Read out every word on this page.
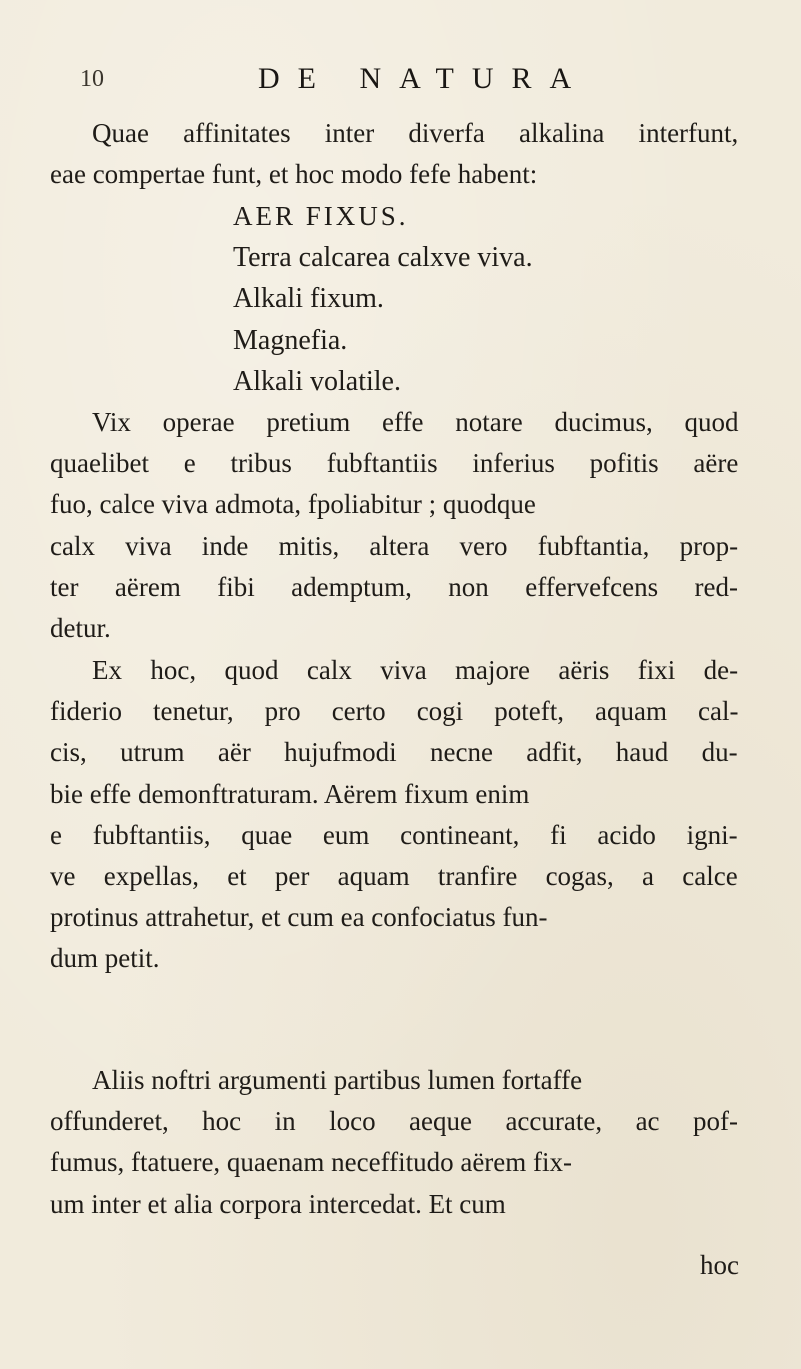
10	DE NATURA
Quae affinitates inter diverfa alkalina interfunt,
eae compertae funt, et hoc modo fefe habent:
AER FIXUS.
Terra calcarea calxve viva.
Alkali fixum.
Magnefia.
Alkali volatile.
Vix operae pretium effe notare ducimus, quod
quaelibet e tribus fubftantiis inferius pofitis aëre
fuo, calce viva admota, fpoliabitur ; quodque
calx viva inde mitis, altera vero fubftantia, prop-
ter aërem fibi ademptum, non effervefcens red-
detur.
Ex hoc, quod calx viva majore aëris fixi de-
fiderio tenetur, pro certo cogi poteft, aquam cal-
cis, utrum aër hujufmodi necne adfit, haud du-
bie effe demonftraturam. Aërem fixum enim
e fubftantiis, quae eum contineant, fi acido igni-
ve expellas, et per aquam tranfire cogas, a calce
protinus attrahetur, et cum ea confociatus fun-
dum petit.
Aliis noftri argumenti partibus lumen fortaffe
offunderet, hoc in loco aeque accurate, ac pof-
fumus, ftatuere, quaenam neceffitudo aërem fix-
um inter et alia corpora intercedat. Et cum
hoc
